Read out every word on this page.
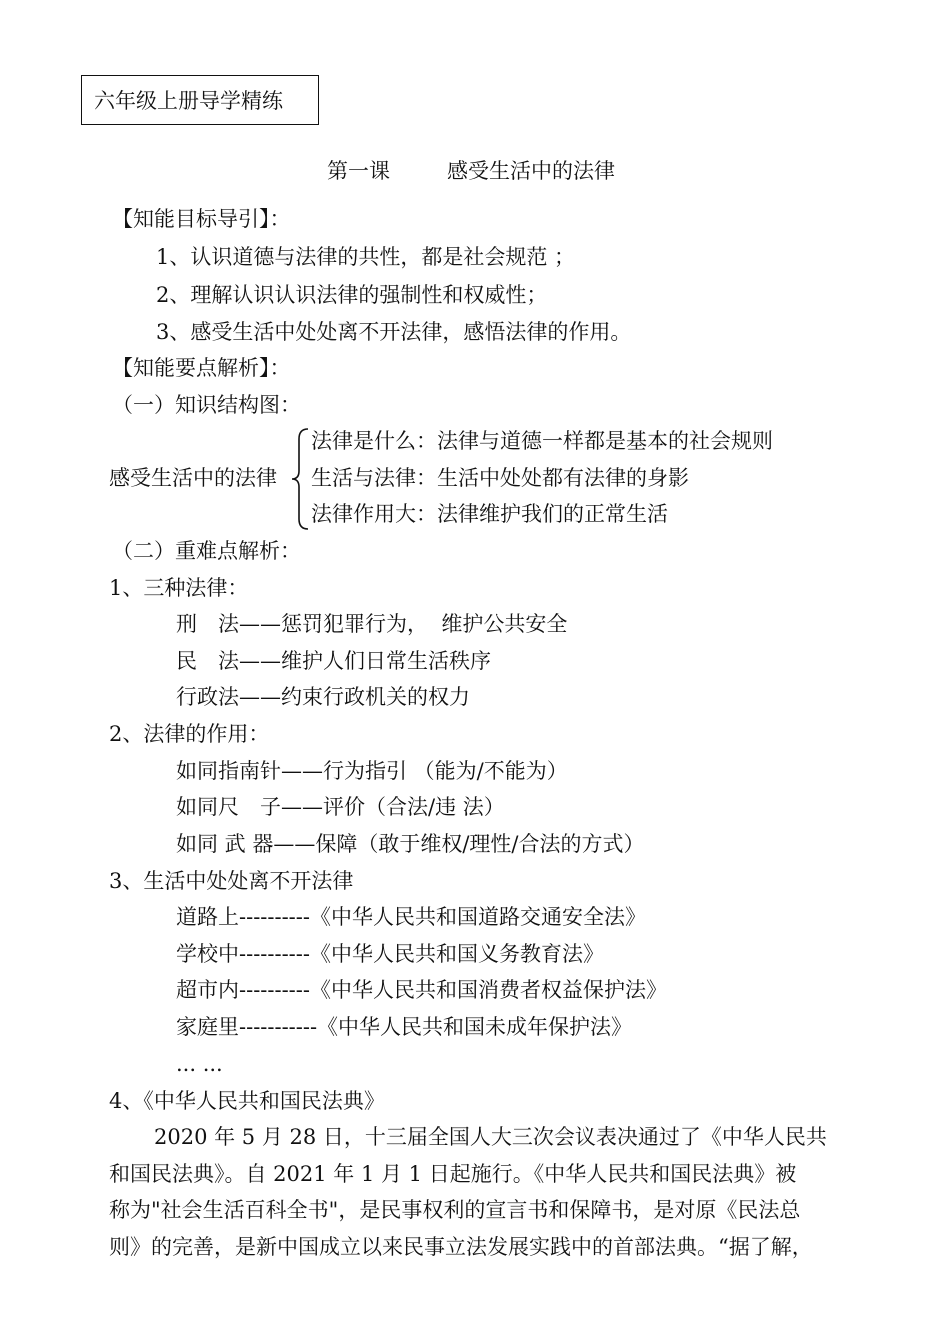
六年级上册导学精练
第一课	感受生活中的法律
【知能目标导引】：
1、认识道德与法律的共性，都是社会规范 ；
2、理解认识认识法律的强制性和权威性；
3、感受生活中处处离不开法律，感悟法律的作用。
【知能要点解析】：
（一）知识结构图：
感受生活中的法律
法律是什么：法律与道德一样都是基本的社会规则
生活与法律：生活中处处都有法律的身影
法律作用大：法律维护我们的正常生活
（二）重难点解析：
1、三种法律：
刑　法——惩罚犯罪行为，  维护公共安全
民　法——维护人们日常生活秩序
行政法——约束行政机关的权力
2、法律的作用：
如同指南针——行为指引 （能为/不能为）
如同尺　子——评价（合法/违 法）
如同 武 器——保障（敢于维权/理性/合法的方式）
3、生活中处处离不开法律
道路上----------《中华人民共和国道路交通安全法》
学校中----------《中华人民共和国义务教育法》
超市内----------《中华人民共和国消费者权益保护法》
家庭里-----------《中华人民共和国未成年保护法》
... ...
4、《中华人民共和国民法典》
2020 年 5 月 28 日，十三届全国人大三次会议表决通过了《中华人民共
和国民法典》。自 2021 年 1 月 1 日起施行。《中华人民共和国民法典》被
称为"社会生活百科全书"，是民事权利的宣言书和保障书，是对原《民法总
则》的完善，是新中国成立以来民事立法发展实践中的首部法典。“据了解，
